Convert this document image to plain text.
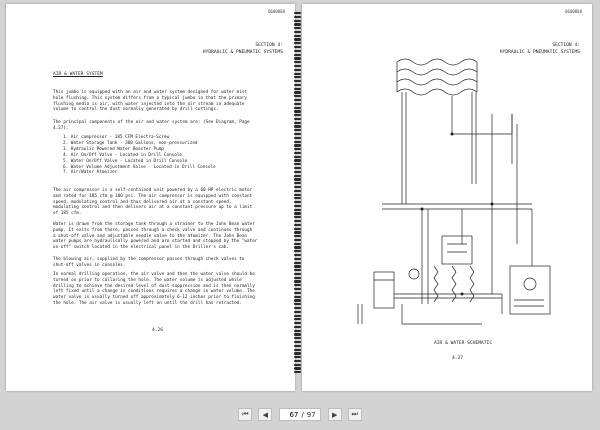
0600888
SECTION 4:
HYDRAULIC & PNEUMATIC SYSTEMS
AIR & WATER SYSTEM
This jumbo is equipped with an air and water system designed for water mist
hole flushing. This system differs from a typical jumbo in that the primary
flushing media is air, with water injected into the air stream in adequate
volume to control the dust normally generated by drill cuttings.
The principal components of the air and water system are: (See Diagram, Page
4.27).
1. Air compressor - 185 CFM Electra-Screw
2. Water Storage Tank - 300 Gallons, non-pressurized
3. Hydraulic Powered Water Booster Pump
4. Air On/Off Valve - Located in Drill Console
5. Water On/Off Valve - Located in Drill Console
6. Water Volume Adjustment Valve - Located in Drill Console
7. Air/Water Atomizer
The air compressor is a self-contained unit powered by a 60 HP electric motor
and rated for 185 cfm @ 100 psi. The air compressor is equipped with constant
speed, modulating control and thus delivered air at a constant speed,
modulating control and then delivers air at a constant pressure up to a limit
of 185 cfm.
Water is drawn from the storage tank through a strainer to the John Bean water
pump. It exits from there, passes through a check valve and continues through
a shut-off valve and adjustable needle valve to the atomizer. The John Bean
water pumps are hydraulically powered and are started and stopped by the "water
on-off" switch located in the electrical panel in the Driller's cab.
The blowing air, supplied by the compressor passes through check valves to
shut-off valves in consoles.
In normal drilling operation, the air valve and then the water valve should be
turned on prior to collaring the hole. The water volume is adjusted while
drilling to achieve the desired level of dust suppression and is then normally
left fixed until a change in conditions requires a change in water volume. The
water valve is usually turned off approximately 6-12 inches prior to finishing
the hole. The air valve is usually left on until the drill has retracted.
4.26
0600888
SECTION 4:
HYDRAULIC & PNEUMATIC SYSTEMS
AIR & WATER SCHEMATIC
4.27
⏮ ◀
67	/ 97 ▶ ⏭
